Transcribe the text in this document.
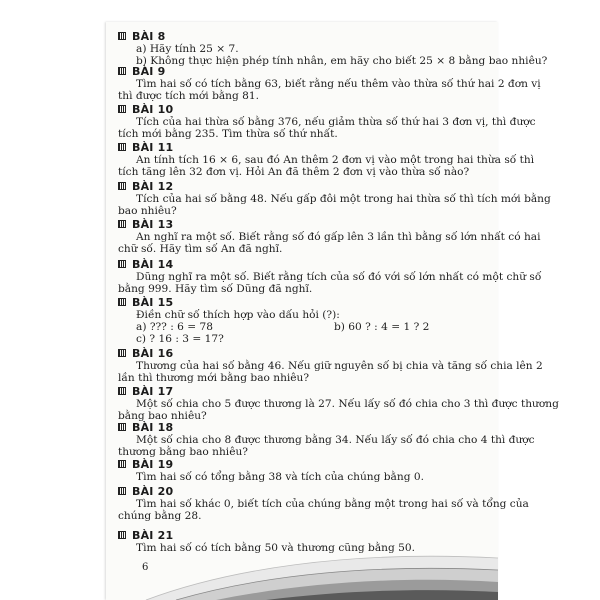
BÀI 8
a) Hãy tính 25 × 7.
b) Không thực hiện phép tính nhân, em hãy cho biết 25 × 8 bằng bao nhiêu?
BÀI 9
Tìm hai số có tích bằng 63, biết rằng nếu thêm vào thừa số thứ hai 2 đơn vị
thì được tích mới bằng 81.
BÀI 10
Tích của hai thừa số bằng 376, nếu giảm thừa số thứ hai 3 đơn vị, thì được
tích mới bằng 235. Tìm thừa số thứ nhất.
BÀI 11
An tính tích 16 × 6, sau đó An thêm 2 đơn vị vào một trong hai thừa số thì
tích tăng lên 32 đơn vị. Hỏi An đã thêm 2 đơn vị vào thừa số nào?
BÀI 12
Tích của hai số bằng 48. Nếu gấp đôi một trong hai thừa số thì tích mới bằng
bao nhiêu?
BÀI 13
An nghĩ ra một số. Biết rằng số đó gấp lên 3 lần thì bằng số lớn nhất có hai
chữ số. Hãy tìm số An đã nghĩ.
BÀI 14
Dũng nghĩ ra một số. Biết rằng tích của số đó với số lớn nhất có một chữ số
bằng 999. Hãy tìm số Dũng đã nghĩ.
BÀI 15
Điền chữ số thích hợp vào dấu hỏi (?):
a) ??? : 6 = 78	b) 60 ? : 4 = 1 ? 2
c) ? 16 : 3 = 17?
BÀI 16
Thương của hai số bằng 46. Nếu giữ nguyên số bị chia và tăng số chia lên 2
lần thì thương mới bằng bao nhiêu?
BÀI 17
Một số chia cho 5 được thương là 27. Nếu lấy số đó chia cho 3 thì được thương
bằng bao nhiêu?
BÀI 18
Một số chia cho 8 được thương bằng 34. Nếu lấy số đó chia cho 4 thì được
thương bằng bao nhiêu?
BÀI 19
Tìm hai số có tổng bằng 38 và tích của chúng bằng 0.
BÀI 20
Tìm hai số khác 0, biết tích của chúng bằng một trong hai số và tổng của
chúng bằng 28.
BÀI 21
Tìm hai số có tích bằng 50 và thương cũng bằng 50.
6
